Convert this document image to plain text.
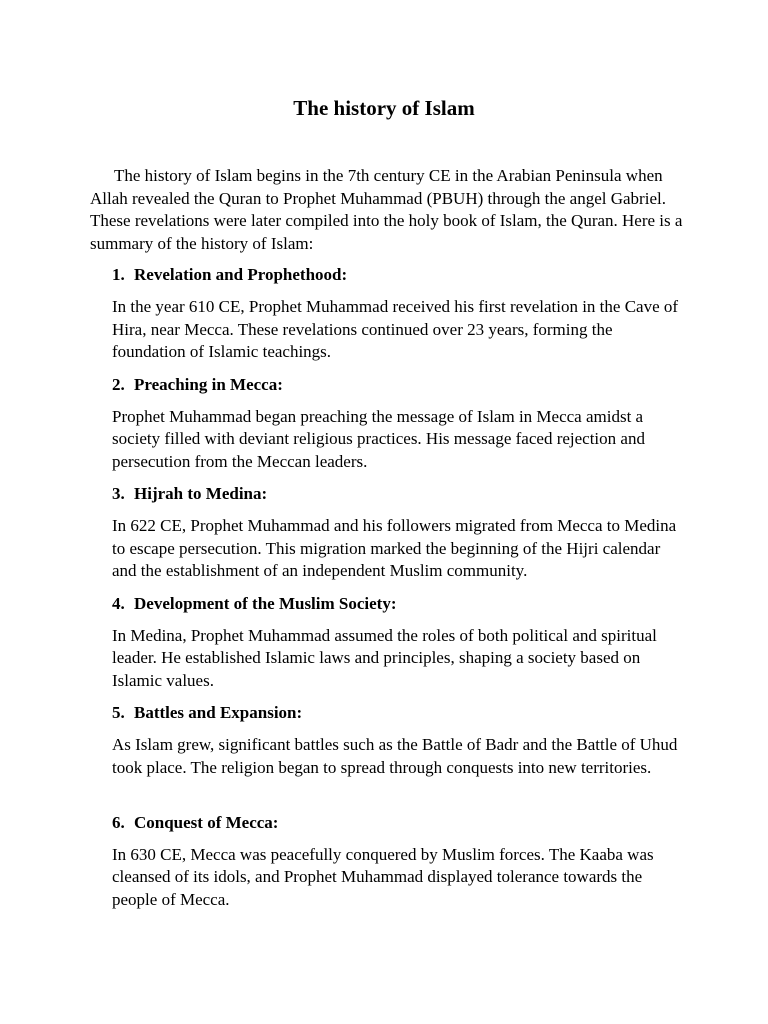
The history of Islam

The history of Islam begins in the 7th century CE in the Arabian Peninsula when Allah revealed the Quran to Prophet Muhammad (PBUH) through the angel Gabriel. These revelations were later compiled into the holy book of Islam, the Quran. Here is a summary of the history of Islam:

1. Revelation and Prophethood:

In the year 610 CE, Prophet Muhammad received his first revelation in the Cave of Hira, near Mecca. These revelations continued over 23 years, forming the foundation of Islamic teachings.

2. Preaching in Mecca:

Prophet Muhammad began preaching the message of Islam in Mecca amidst a society filled with deviant religious practices. His message faced rejection and persecution from the Meccan leaders.

3. Hijrah to Medina:

In 622 CE, Prophet Muhammad and his followers migrated from Mecca to Medina to escape persecution. This migration marked the beginning of the Hijri calendar and the establishment of an independent Muslim community.

4. Development of the Muslim Society:

In Medina, Prophet Muhammad assumed the roles of both political and spiritual leader. He established Islamic laws and principles, shaping a society based on Islamic values.

5. Battles and Expansion:

As Islam grew, significant battles such as the Battle of Badr and the Battle of Uhud took place. The religion began to spread through conquests into new territories.

6. Conquest of Mecca:

In 630 CE, Mecca was peacefully conquered by Muslim forces. The Kaaba was cleansed of its idols, and Prophet Muhammad displayed tolerance towards the people of Mecca.
